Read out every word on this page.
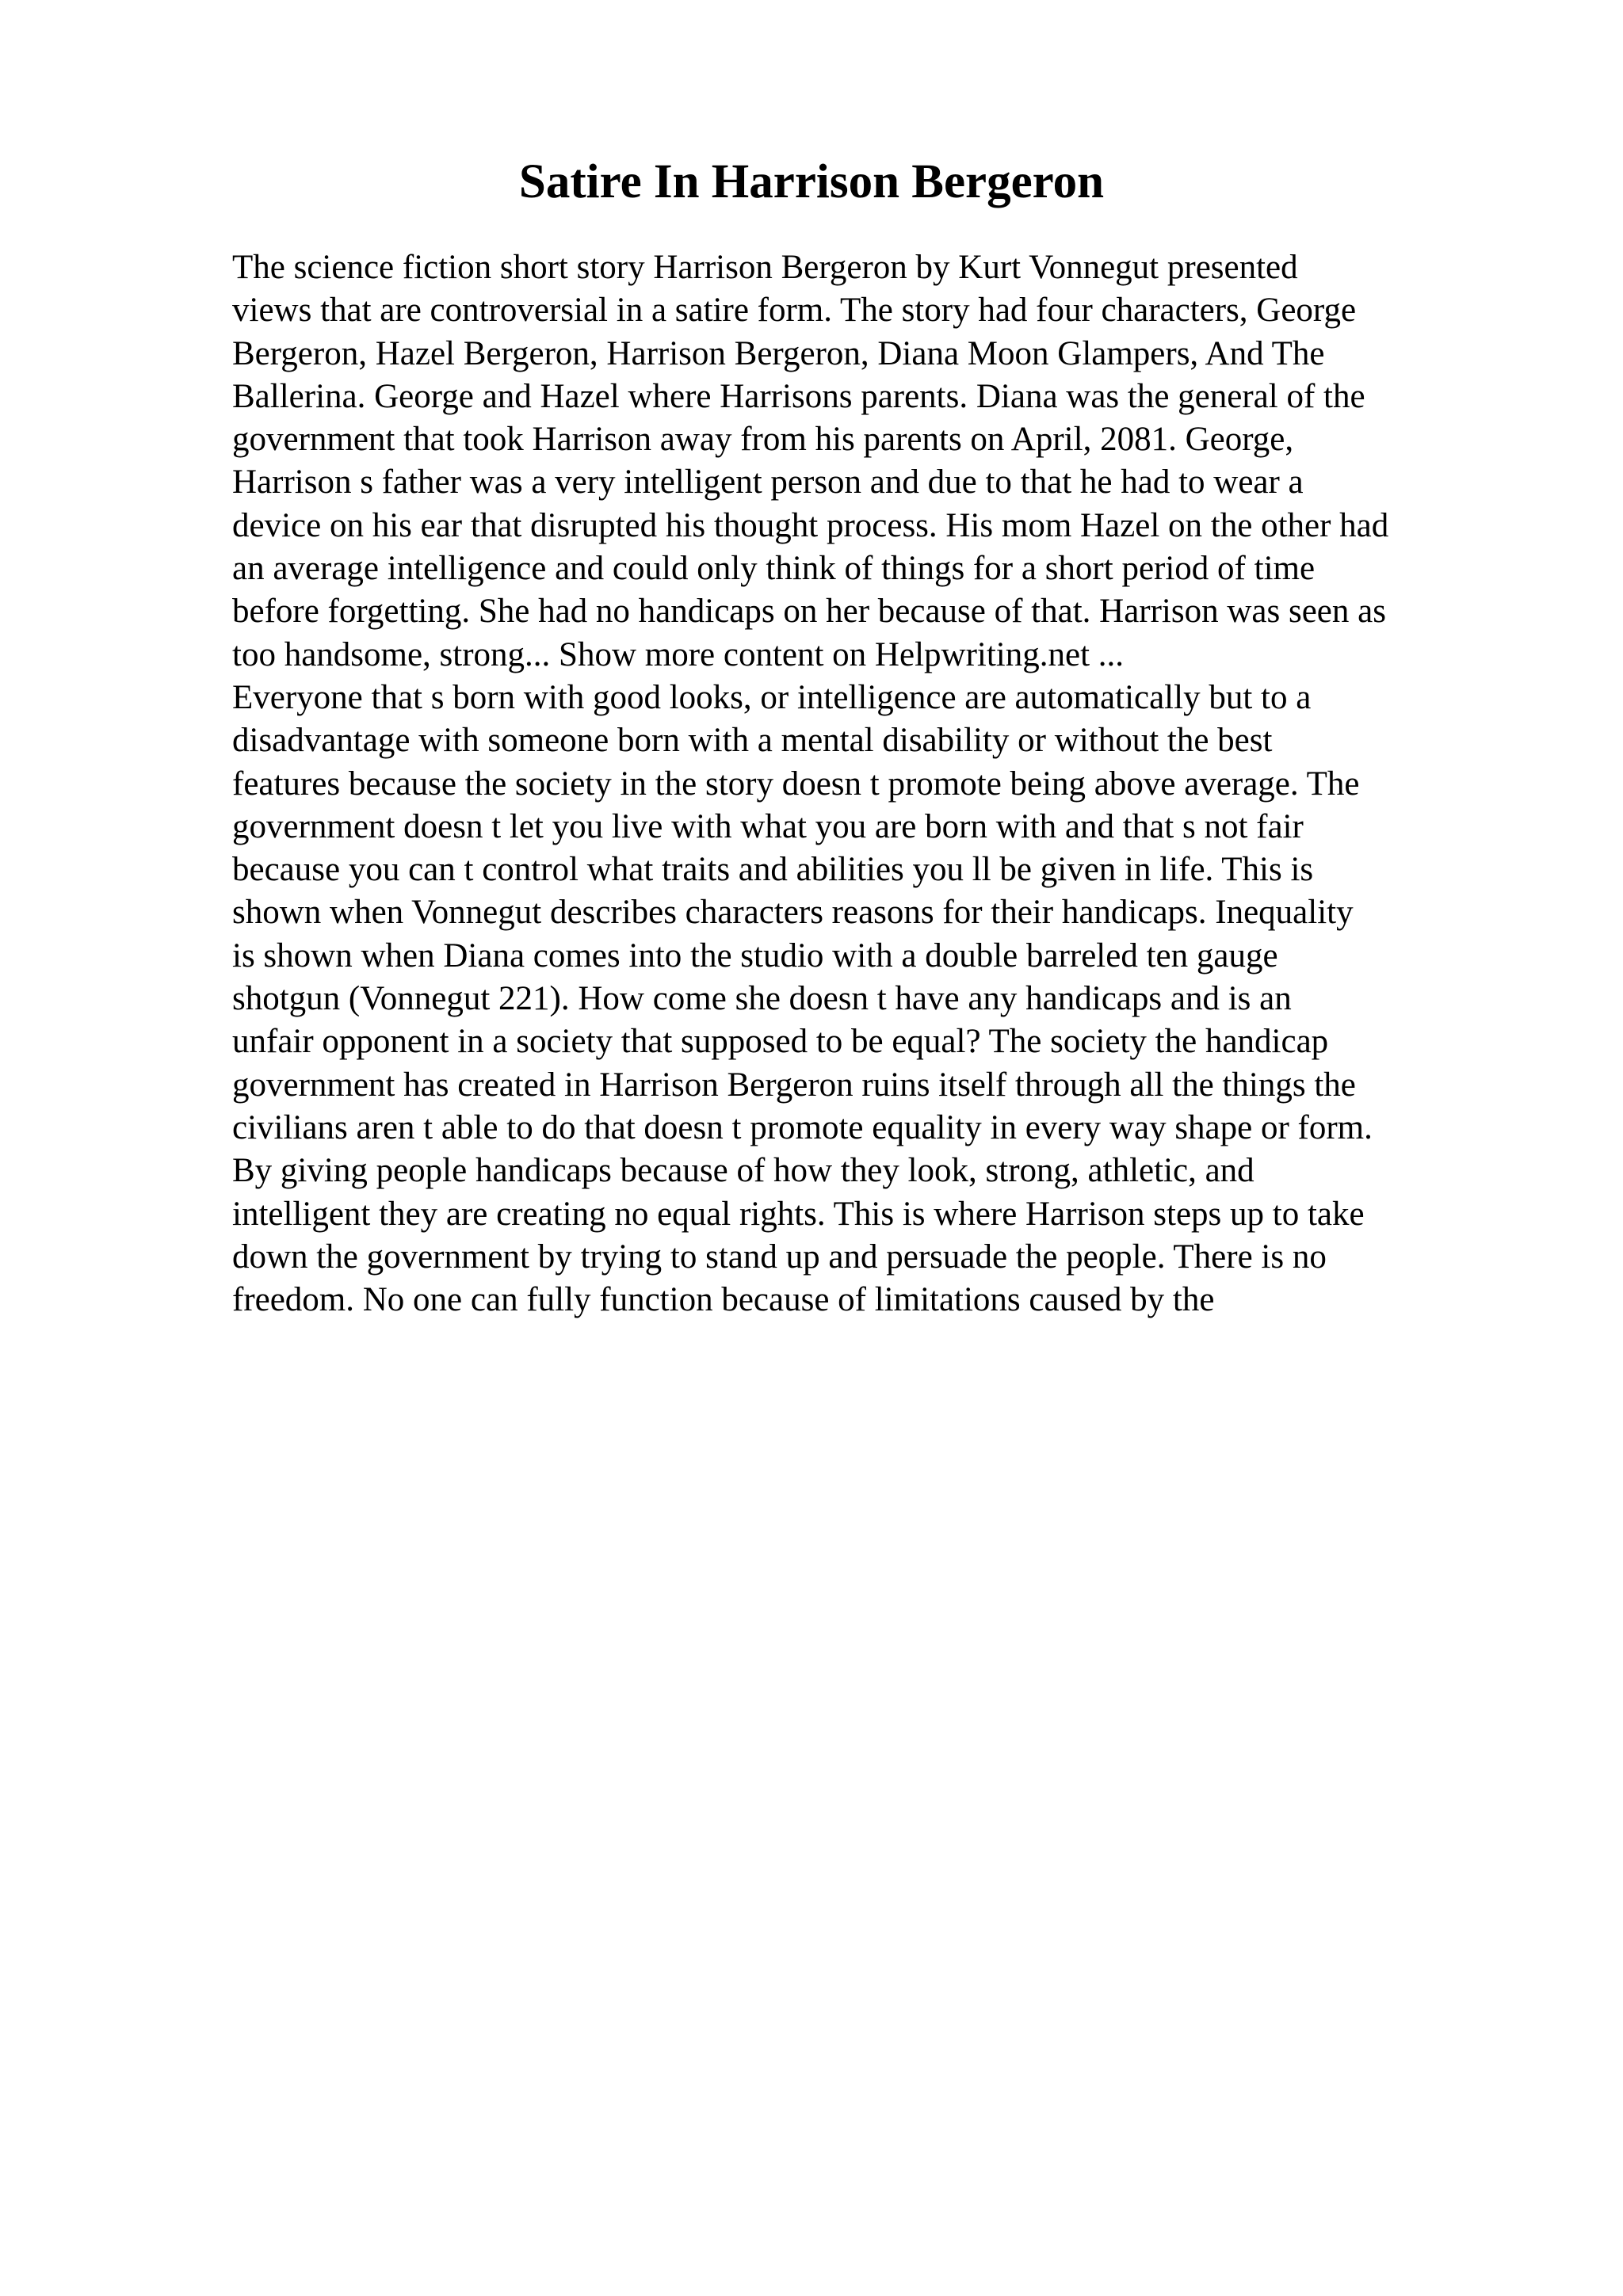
Satire In Harrison Bergeron
The science fiction short story Harrison Bergeron by Kurt Vonnegut presented
views that are controversial in a satire form. The story had four characters, George
Bergeron, Hazel Bergeron, Harrison Bergeron, Diana Moon Glampers, And The
Ballerina. George and Hazel where Harrisons parents. Diana was the general of the
government that took Harrison away from his parents on April, 2081. George,
Harrison s father was a very intelligent person and due to that he had to wear a
device on his ear that disrupted his thought process. His mom Hazel on the other had
an average intelligence and could only think of things for a short period of time
before forgetting. She had no handicaps on her because of that. Harrison was seen as
too handsome, strong... Show more content on Helpwriting.net ...
Everyone that s born with good looks, or intelligence are automatically but to a
disadvantage with someone born with a mental disability or without the best
features because the society in the story doesn t promote being above average. The
government doesn t let you live with what you are born with and that s not fair
because you can t control what traits and abilities you ll be given in life. This is
shown when Vonnegut describes characters reasons for their handicaps. Inequality
is shown when Diana comes into the studio with a double barreled ten gauge
shotgun (Vonnegut 221). How come she doesn t have any handicaps and is an
unfair opponent in a society that supposed to be equal? The society the handicap
government has created in Harrison Bergeron ruins itself through all the things the
civilians aren t able to do that doesn t promote equality in every way shape or form.
By giving people handicaps because of how they look, strong, athletic, and
intelligent they are creating no equal rights. This is where Harrison steps up to take
down the government by trying to stand up and persuade the people. There is no
freedom. No one can fully function because of limitations caused by the
